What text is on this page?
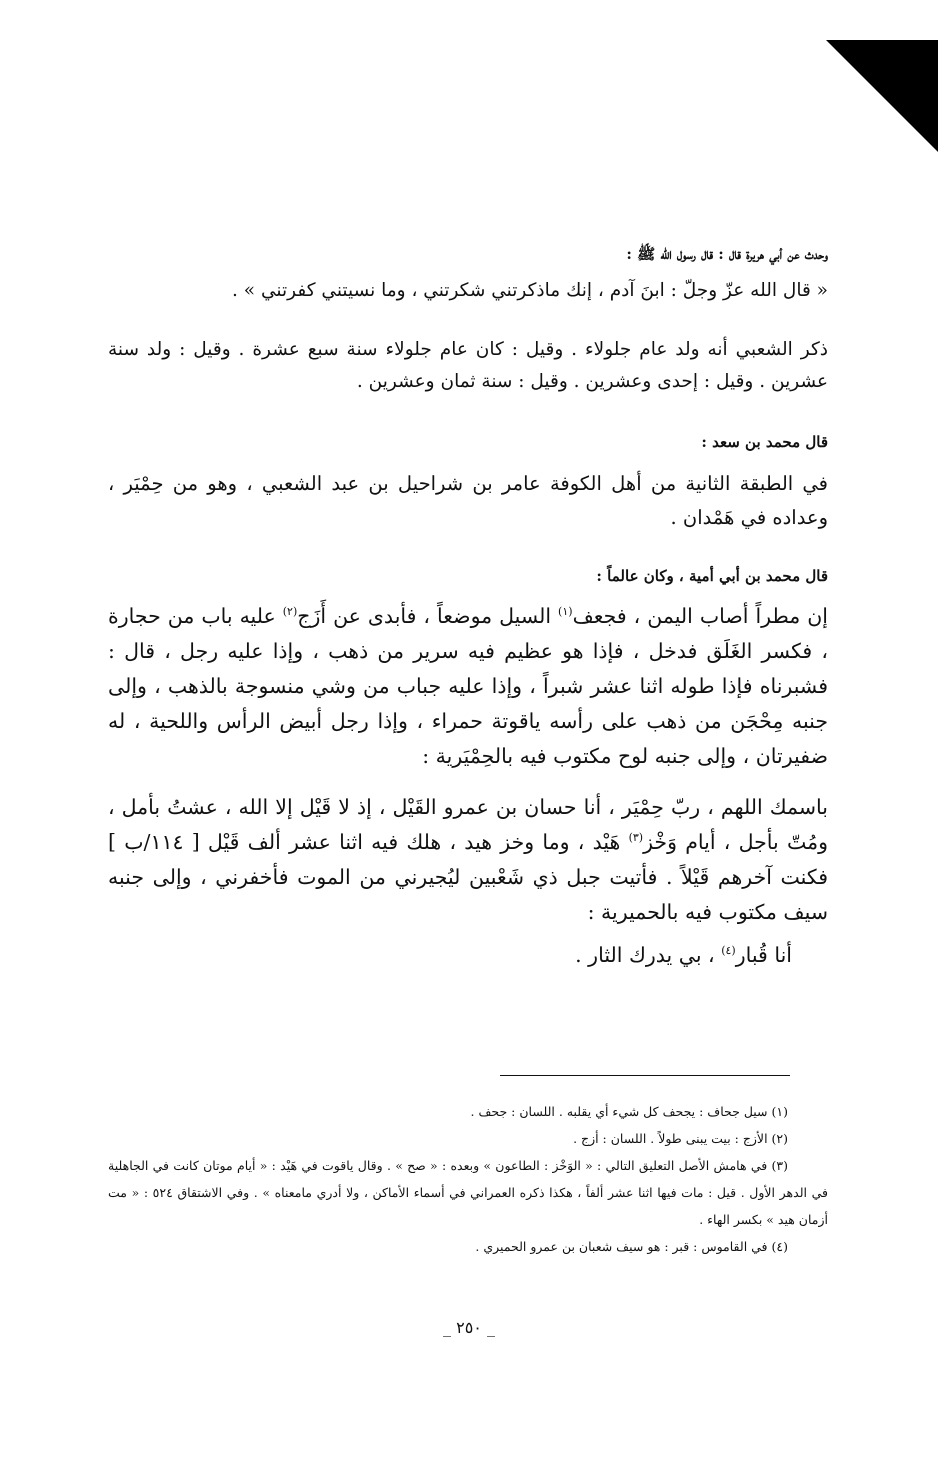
وحدث عن أبي هريرة قال : قال رسول الله ﷺ :

« قال الله عزّ وجلّ : ابنَ آدم ، إنك ماذكرتني شكرتني ، وما نسيتني كفرتني » .

ذكر الشعبي أنه ولد عام جلولاء . وقيل : كان عام جلولاء سنة سبع عشرة . وقيل : ولد سنة عشرين . وقيل : إحدى وعشرين . وقيل : سنة ثمان وعشرين .

قال محمد بن سعد :

في الطبقة الثانية من أهل الكوفة عامر بن شراحيل بن عبد الشعبي ، وهو من حِمْيَر ، وعداده في هَمْدان .

قال محمد بن أبي أمية ، وكان عالماً :

إن مطراً أصاب اليمن ، فجعف$^{(١)}$ السيل موضعاً ، فأبدى عن أَزَج$^{(٢)}$ عليه باب من حجارة ، فكسر الغَلَق فدخل ، فإذا هو عظيم فيه سرير من ذهب ، وإذا عليه رجل ، قال : فشبرناه فإذا طوله اثنا عشر شبراً ، وإذا عليه جباب من وشي منسوجة بالذهب ، وإلى جنبه مِحْجَن من ذهب على رأسه ياقوتة حمراء ، وإذا رجل أبيض الرأس واللحية ، له ضفيرتان ، وإلى جنبه لوح مكتوب فيه بالحِمْيَرية :

باسمك اللهم ، ربّ حِمْيَر ، أنا حسان بن عمرو القَيْل ، إذ لا قَيْل إلا الله ، عشتُ بأمل ، ومُتّ بأجل ، أيام وَخْز$^{(٣)}$ هَيْد ، وما وخز هيد ، هلك فيه اثنا عشر ألف قَيْل [ ١١٤/ب ] فكنت آخرهم قَيْلاً . فأتيت جبل ذي شَعْبين ليُجيرني من الموت فأخفرني ، وإلى جنبه سيف مكتوب فيه بالحميرية :

أنا قُبار$^{(٤)}$ ، بي يدرك الثار .

(١) سيل جحاف : يجحف كل شيء أي يقلبه . اللسان : جحف .

(٢) الأزج : بيت يبنى طولاً . اللسان : أزج .

(٣) في هامش الأصل التعليق التالي : « الوَخْز : الطاعون » وبعده : « صح » . وقال ياقوت في هَيْد : « أيام موتان كانت في الجاهلية في الدهر الأول . قيل : مات فيها اثنا عشر ألفاً ، هكذا ذكره العمراني في أسماء الأماكن ، ولا أدري مامعناه » . وفي الاشتقاق ٥٢٤ : « مت أزمان هيد » بكسر الهاء .

(٤) في القاموس : قبر : هو سيف شعبان بن عمرو الحميري .

_ ٢٥٠ _
